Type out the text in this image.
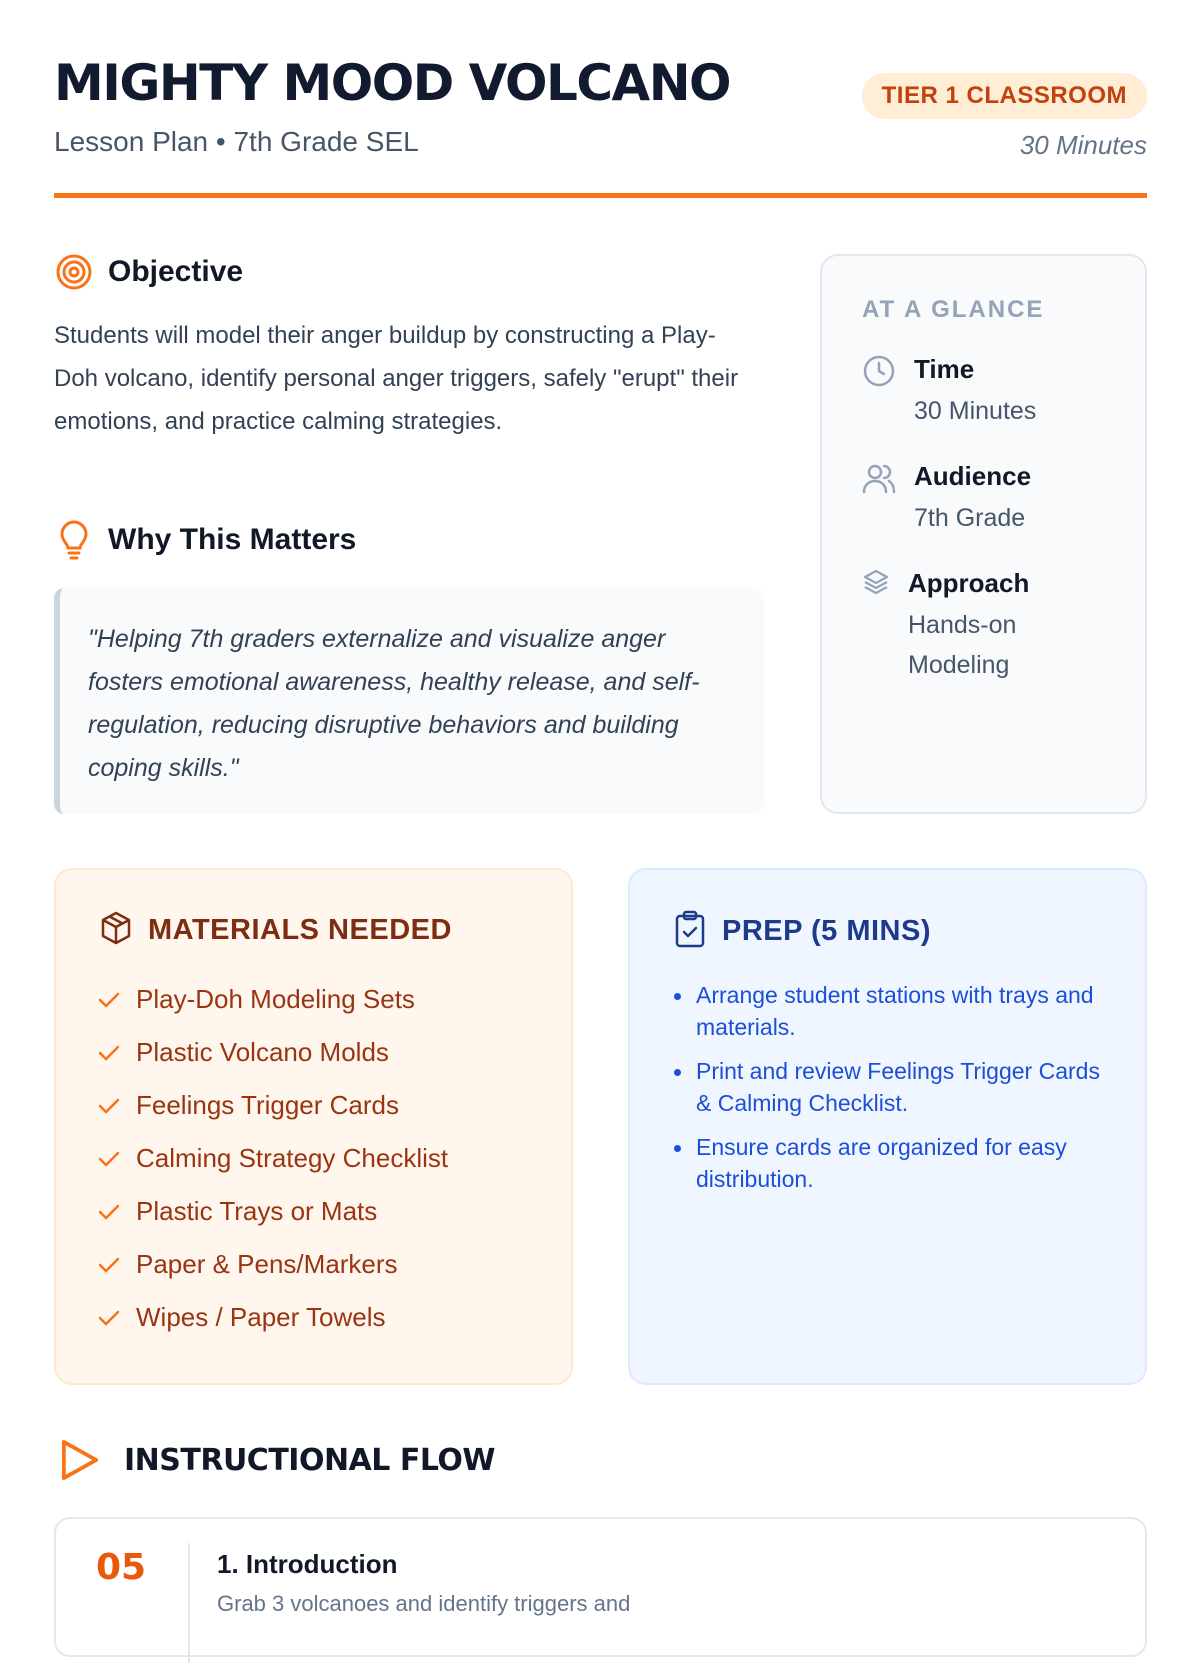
MIGHTY MOOD VOLCANO
Lesson Plan • 7th Grade SEL
TIER 1 CLASSROOM
30 Minutes
Objective

Students will model their anger buildup by constructing a Play-Doh volcano, identify personal anger triggers, safely "erupt" their emotions, and practice calming strategies.

Why This Matters
"Helping 7th graders externalize and visualize anger fosters emotional awareness, healthy release, and self-regulation, reducing disruptive behaviors and building coping skills."
AT A GLANCE
Time
30 Minutes
Audience
7th Grade
Approach
Hands-on Modeling
MATERIALS NEEDED
Play-Doh Modeling Sets
Plastic Volcano Molds
Feelings Trigger Cards
Calming Strategy Checklist
Plastic Trays or Mats
Paper & Pens/Markers
Wipes / Paper Towels
PREP (5 MINS)
Arrange student stations with trays and materials.
Print and review Feelings Trigger Cards & Calming Checklist.
Ensure cards are organized for easy distribution.
INSTRUCTIONAL FLOW
05	1. Introduction
Grab 3 volcanoes and identify triggers and
